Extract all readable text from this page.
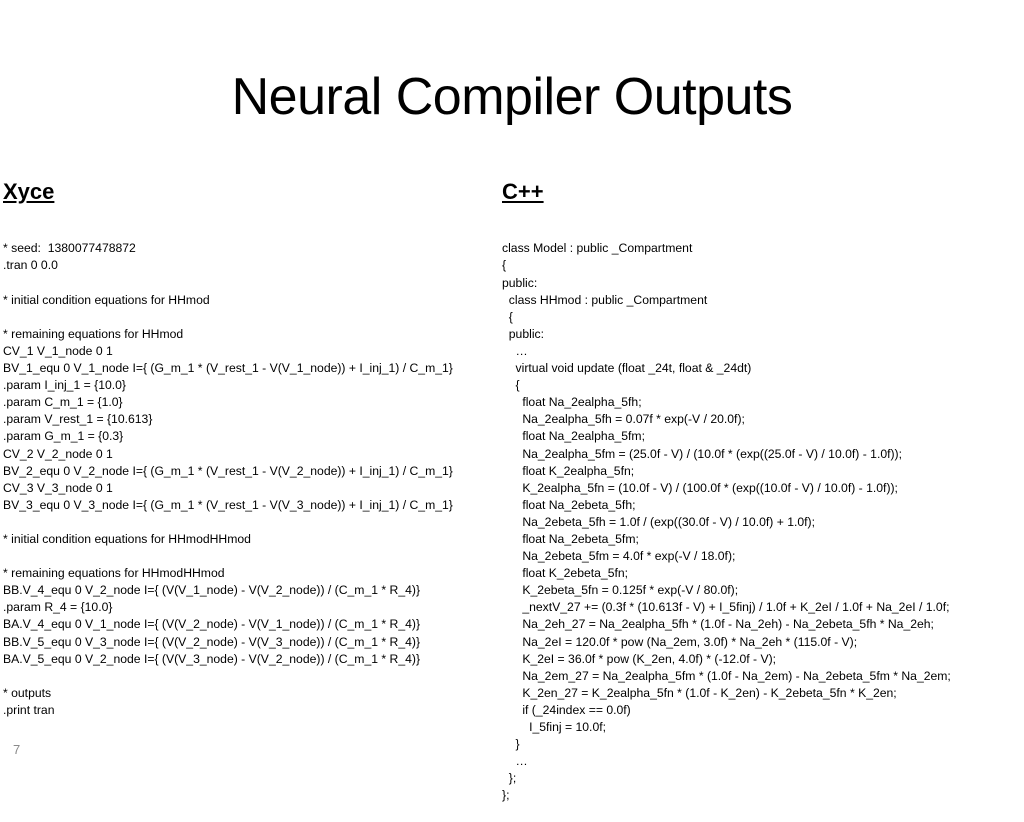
Neural Compiler Outputs

Xyce

* seed:  1380077478872
.tran 0 0.0
* initial condition equations for HHmod
* remaining equations for HHmod
CV_1 V_1_node 0 1
BV_1_equ 0 V_1_node I={ (G_m_1 * (V_rest_1 - V(V_1_node)) + I_inj_1) / C_m_1}
.param I_inj_1 = {10.0}
.param C_m_1 = {1.0}
.param V_rest_1 = {10.613}
.param G_m_1 = {0.3}
CV_2 V_2_node 0 1
BV_2_equ 0 V_2_node I={ (G_m_1 * (V_rest_1 - V(V_2_node)) + I_inj_1) / C_m_1}
CV_3 V_3_node 0 1
BV_3_equ 0 V_3_node I={ (G_m_1 * (V_rest_1 - V(V_3_node)) + I_inj_1) / C_m_1}
* initial condition equations for HHmodHHmod
* remaining equations for HHmodHHmod
BB.V_4_equ 0 V_2_node I={ (V(V_1_node) - V(V_2_node)) / (C_m_1 * R_4)}
.param R_4 = {10.0}
BA.V_4_equ 0 V_1_node I={ (V(V_2_node) - V(V_1_node)) / (C_m_1 * R_4)}
BB.V_5_equ 0 V_3_node I={ (V(V_2_node) - V(V_3_node)) / (C_m_1 * R_4)}
BA.V_5_equ 0 V_2_node I={ (V(V_3_node) - V(V_2_node)) / (C_m_1 * R_4)}
* outputs
.print tran

C++

class Model : public _Compartment
{
public:
class HHmod : public _Compartment
{
public:
…
virtual void update (float _24t, float & _24dt)
{
float Na_2ealpha_5fh;
Na_2ealpha_5fh = 0.07f * exp(-V / 20.0f);
float Na_2ealpha_5fm;
Na_2ealpha_5fm = (25.0f - V) / (10.0f * (exp((25.0f - V) / 10.0f) - 1.0f));
float K_2ealpha_5fn;
K_2ealpha_5fn = (10.0f - V) / (100.0f * (exp((10.0f - V) / 10.0f) - 1.0f));
float Na_2ebeta_5fh;
Na_2ebeta_5fh = 1.0f / (exp((30.0f - V) / 10.0f) + 1.0f);
float Na_2ebeta_5fm;
Na_2ebeta_5fm = 4.0f * exp(-V / 18.0f);
float K_2ebeta_5fn;
K_2ebeta_5fn = 0.125f * exp(-V / 80.0f);
_nextV_27 += (0.3f * (10.613f - V) + I_5finj) / 1.0f + K_2eI / 1.0f + Na_2eI / 1.0f;
Na_2eh_27 = Na_2ealpha_5fh * (1.0f - Na_2eh) - Na_2ebeta_5fh * Na_2eh;
Na_2eI = 120.0f * pow (Na_2em, 3.0f) * Na_2eh * (115.0f - V);
K_2eI = 36.0f * pow (K_2en, 4.0f) * (-12.0f - V);
Na_2em_27 = Na_2ealpha_5fm * (1.0f - Na_2em) - Na_2ebeta_5fm * Na_2em;
K_2en_27 = K_2ealpha_5fn * (1.0f - K_2en) - K_2ebeta_5fn * K_2en;
if (_24index == 0.0f)
I_5finj = 10.0f;
}
…
};
};

7
